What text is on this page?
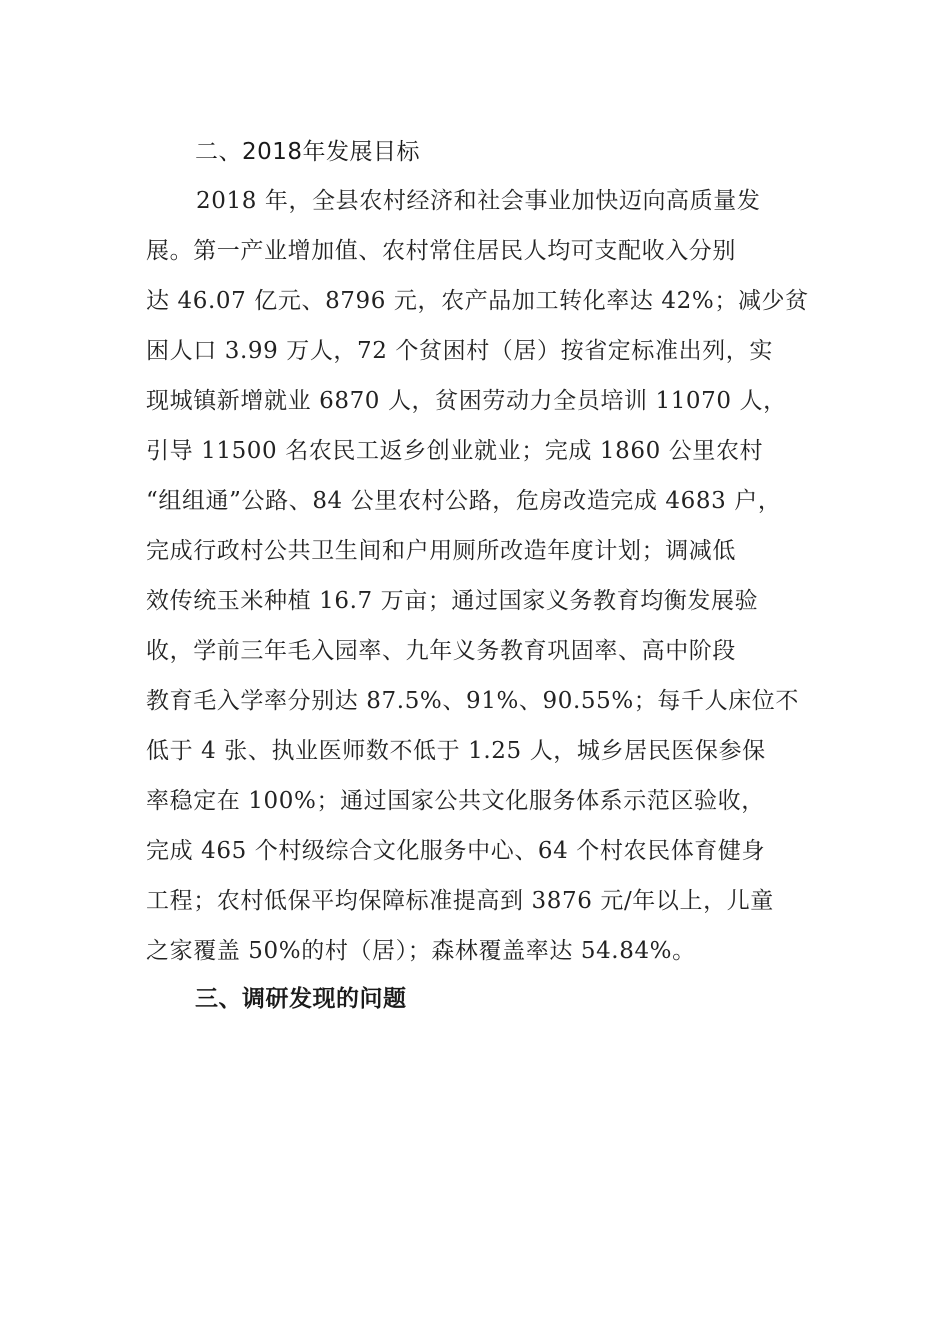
二、2018年发展目标
2018 年，全县农村经济和社会事业加快迈向高质量发
展。第一产业增加值、农村常住居民人均可支配收入分别
达 46.07 亿元、8796 元，农产品加工转化率达 42%；减少贫
困人口 3.99 万人，72 个贫困村（居）按省定标准出列，实
现城镇新增就业 6870 人，贫困劳动力全员培训 11070 人，
引导 11500 名农民工返乡创业就业；完成 1860 公里农村
“组组通”公路、84 公里农村公路，危房改造完成 4683 户，
完成行政村公共卫生间和户用厕所改造年度计划；调减低
效传统玉米种植 16.7 万亩；通过国家义务教育均衡发展验
收，学前三年毛入园率、九年义务教育巩固率、高中阶段
教育毛入学率分别达 87.5%、91%、90.55%；每千人床位不
低于 4 张、执业医师数不低于 1.25 人，城乡居民医保参保
率稳定在 100%；通过国家公共文化服务体系示范区验收，
完成 465 个村级综合文化服务中心、64 个村农民体育健身
工程；农村低保平均保障标准提高到 3876 元/年以上，儿童
之家覆盖 50%的村（居）；森林覆盖率达 54.84%。
三、调研发现的问题
